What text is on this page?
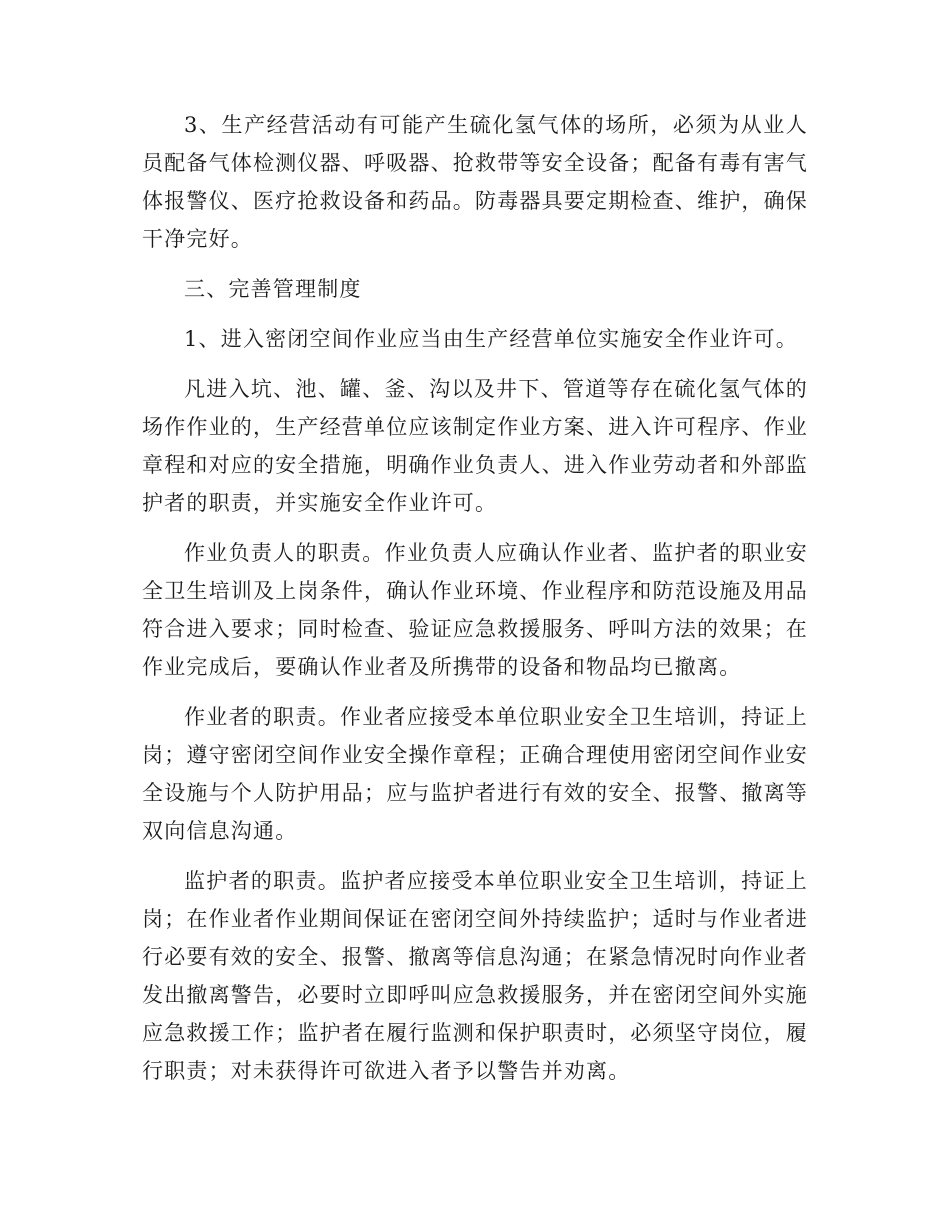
3、生产经营活动有可能产生硫化氢气体的场所，必须为从业人员配备气体检测仪器、呼吸器、抢救带等安全设备；配备有毒有害气体报警仪、医疗抢救设备和药品。防毒器具要定期检查、维护，确保干净完好。

三、完善管理制度

1、进入密闭空间作业应当由生产经营单位实施安全作业许可。

凡进入坑、池、罐、釜、沟以及井下、管道等存在硫化氢气体的场作作业的，生产经营单位应该制定作业方案、进入许可程序、作业章程和对应的安全措施，明确作业负责人、进入作业劳动者和外部监护者的职责，并实施安全作业许可。

作业负责人的职责。作业负责人应确认作业者、监护者的职业安全卫生培训及上岗条件，确认作业环境、作业程序和防范设施及用品符合进入要求；同时检查、验证应急救援服务、呼叫方法的效果；在作业完成后，要确认作业者及所携带的设备和物品均已撤离。

作业者的职责。作业者应接受本单位职业安全卫生培训，持证上岗；遵守密闭空间作业安全操作章程；正确合理使用密闭空间作业安全设施与个人防护用品；应与监护者进行有效的安全、报警、撤离等双向信息沟通。

监护者的职责。监护者应接受本单位职业安全卫生培训，持证上岗；在作业者作业期间保证在密闭空间外持续监护；适时与作业者进行必要有效的安全、报警、撤离等信息沟通；在紧急情况时向作业者发出撤离警告，必要时立即呼叫应急救援服务，并在密闭空间外实施应急救援工作；监护者在履行监测和保护职责时，必须坚守岗位，履行职责；对未获得许可欲进入者予以警告并劝离。
